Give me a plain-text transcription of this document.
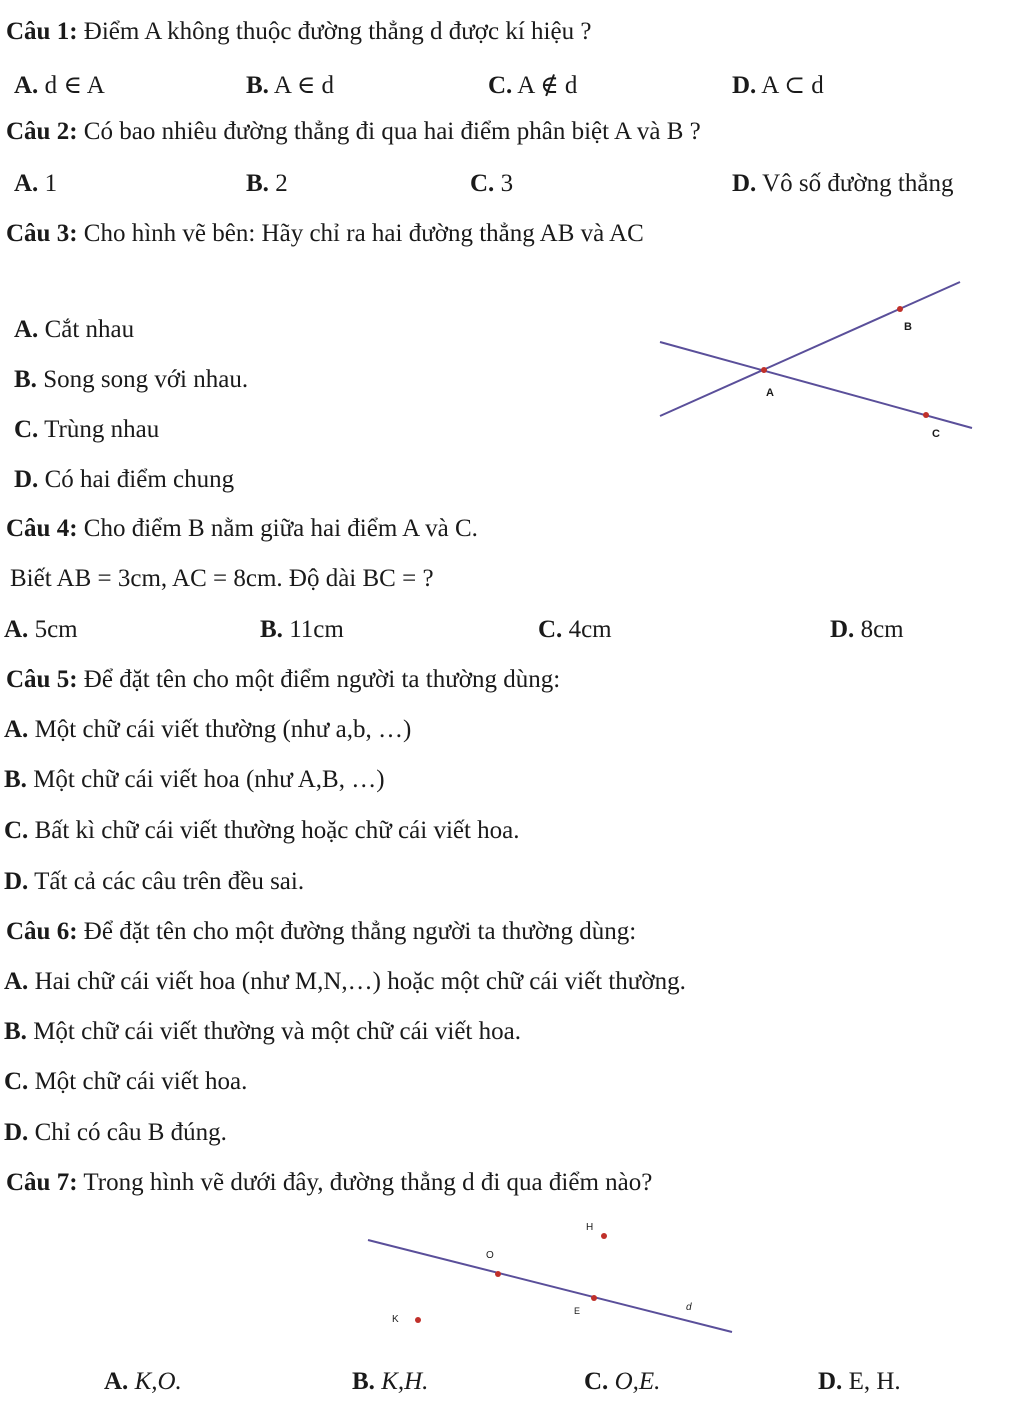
Câu 1: Điểm A không thuộc đường thẳng d được kí hiệu ?
A. d ∈ A	B. A ∈ d	C. A ∉ d	D. A ⊂ d
Câu 2: Có bao nhiêu đường thẳng đi qua hai điểm phân biệt A và B ?
A. 1	B. 2	C. 3	D. Vô số đường thẳng
Câu 3: Cho hình vẽ bên: Hãy chỉ ra hai đường thẳng AB và AC
A. Cắt nhau
B. Song song với nhau.
C. Trùng nhau
D. Có hai điểm chung
B
A
C
Câu 4: Cho điểm B nằm giữa hai điểm A và C.
Biết AB = 3cm, AC = 8cm. Độ dài BC = ?
A. 5cm	B. 11cm	C. 4cm	D. 8cm
Câu 5: Để đặt tên cho một điểm người ta thường dùng:
A. Một chữ cái viết thường (như a,b, …)
B. Một chữ cái viết hoa (như A,B, …)
C. Bất kì chữ cái viết thường hoặc chữ cái viết hoa.
D. Tất cả các câu trên đều sai.
Câu 6: Để đặt tên cho một đường thẳng người ta thường dùng:
A. Hai chữ cái viết hoa (như M,N,…) hoặc một chữ cái viết thường.
B. Một chữ cái viết thường và một chữ cái viết hoa.
C. Một chữ cái viết hoa.
D. Chỉ có câu B đúng.
Câu 7: Trong hình vẽ dưới đây, đường thẳng d đi qua điểm nào?
H
O
K
E	d
A. K,O.	B. K,H.	C. O,E.	D. E, H.
